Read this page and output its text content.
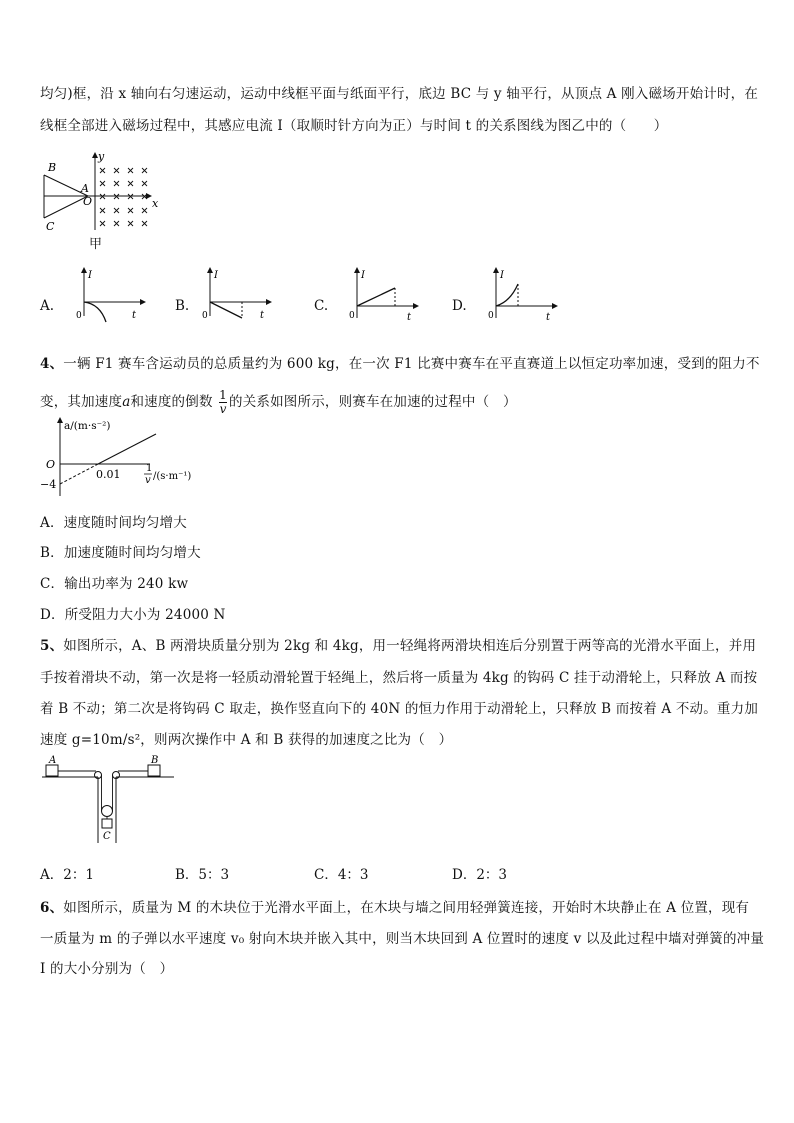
均匀)框，沿 x 轴向右匀速运动，运动中线框平面与纸面平行，底边 BC 与 y 轴平行，从顶点 A 刚入磁场开始计时，在
线框全部进入磁场过程中，其感应电流 I（取顺时针方向为正）与时间 t 的关系图线为图乙中的（　　）
B
A
C
O	x
y
甲
A.
I
t
0
B.
I
t
0
C.
I
t
0
D.
I
t
0
4、一辆 F1 赛车含运动员的总质量约为 600 kg，在一次 F1 比赛中赛车在平直赛道上以恒定功率加速，受到的阻力不
变，其加速度a和速度的倒数 $\frac{1}{v}$ 的关系如图所示，则赛车在加速的过程中（　）
a/(m·s⁻²)
O
−4
0.01	1
v /(s·m⁻¹)
A．速度随时间均匀增大
B．加速度随时间均匀增大
C．输出功率为 240 kw
D．所受阻力大小为 24000 N
5、如图所示，A、B 两滑块质量分别为 2kg 和 4kg，用一轻绳将两滑块相连后分别置于两等高的光滑水平面上，并用
手按着滑块不动，第一次是将一轻质动滑轮置于轻绳上，然后将一质量为 4kg 的钩码 C 挂于动滑轮上，只释放 A 而按
着 B 不动；第二次是将钩码 C 取走，换作竖直向下的 40N 的恒力作用于动滑轮上，只释放 B 而按着 A 不动。重力加
速度 g=10m/s²，则两次操作中 A 和 B 获得的加速度之比为（　）
A	B
C
A．2：1	B．5：3	C．4：3	D．2：3
6、如图所示，质量为 M 的木块位于光滑水平面上，在木块与墙之间用轻弹簧连接，开始时木块静止在 A 位置，现有
一质量为 m 的子弹以水平速度 v₀ 射向木块并嵌入其中，则当木块回到 A 位置时的速度 v 以及此过程中墙对弹簧的冲量
I 的大小分别为（　）
